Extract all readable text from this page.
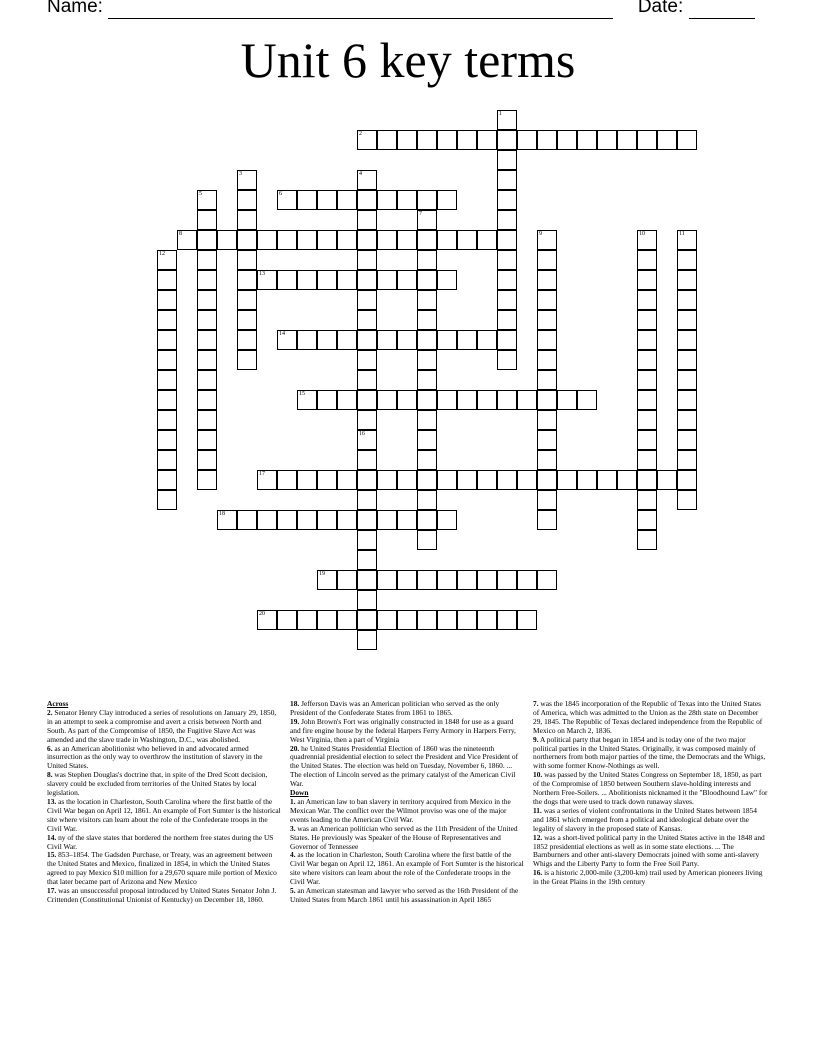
Name:	Date:
Unit 6 key terms
1
2
3	4
5	6
7
8	9	10	11
12
13
14
15
16
17
18
19
20
Across
2. Senator Henry Clay introduced a series of resolutions on January 29, 1850, in an attempt to seek a compromise and avert a crisis between North and South. As part of the Compromise of 1850, the Fugitive Slave Act was amended and the slave trade in Washington, D.C., was abolished.
6. as an American abolitionist who believed in and advocated armed insurrection as the only way to overthrow the institution of slavery in the United States.
8. was Stephen Douglas's doctrine that, in spite of the Dred Scott decision, slavery could be excluded from territories of the United States by local legislation.
13. as the location in Charleston, South Carolina where the first battle of the Civil War began on April 12, 1861. An example of Fort Sumter is the historical site where visitors can learn about the role of the Confederate troops in the Civil War.
14. ny of the slave states that bordered the northern free states during the US Civil War.
15. 853–1854. The Gadsden Purchase, or Treaty, was an agreement between the United States and Mexico, finalized in 1854, in which the United States agreed to pay Mexico $10 million for a 29,670 square mile portion of Mexico that later became part of Arizona and New Mexico
17. was an unsuccessful proposal introduced by United States Senator John J. Crittenden (Constitutional Unionist of Kentucky) on December 18, 1860.
18. Jefferson Davis was an American politician who served as the only President of the Confederate States from 1861 to 1865.
19. John Brown's Fort was originally constructed in 1848 for use as a guard and fire engine house by the federal Harpers Ferry Armory in Harpers Ferry, West Virginia, then a part of Virginia
20. he United States Presidential Election of 1860 was the nineteenth quadrennial presidential election to select the President and Vice President of the United States. The election was held on Tuesday, November 6, 1860. ... The election of Lincoln served as the primary catalyst of the American Civil War.
Down
1. an American law to ban slavery in territory acquired from Mexico in the Mexican War. The conflict over the Wilmot proviso was one of the major events leading to the American Civil War.
3. was an American politician who served as the 11th President of the United States. He previously was Speaker of the House of Representatives and Governor of Tennessee
4. as the location in Charleston, South Carolina where the first battle of the Civil War began on April 12, 1861. An example of Fort Sumter is the historical site where visitors can learn about the role of the Confederate troops in the Civil War.
5. an American statesman and lawyer who served as the 16th President of the United States from March 1861 until his assassination in April 1865
7. was the 1845 incorporation of the Republic of Texas into the United States of America, which was admitted to the Union as the 28th state on December 29, 1845. The Republic of Texas declared independence from the Republic of Mexico on March 2, 1836.
9. A political party that began in 1854 and is today one of the two major political parties in the United States. Originally, it was composed mainly of northerners from both major parties of the time, the Democrats and the Whigs, with some former Know-Nothings as well.
10. was passed by the United States Congress on September 18, 1850, as part of the Compromise of 1850 between Southern slave-holding interests and Northern Free-Soilers. ... Abolitionists nicknamed it the "Bloodhound Law" for the dogs that were used to track down runaway slaves.
11. was a series of violent confrontations in the United States between 1854 and 1861 which emerged from a political and ideological debate over the legality of slavery in the proposed state of Kansas.
12. was a short-lived political party in the United States active in the 1848 and 1852 presidential elections as well as in some state elections. ... The Barnburners and other anti-slavery Democrats joined with some anti-slavery Whigs and the Liberty Party to form the Free Soil Party.
16. is a historic 2,000-mile (3,200-km) trail used by American pioneers living in the Great Plains in the 19th century
